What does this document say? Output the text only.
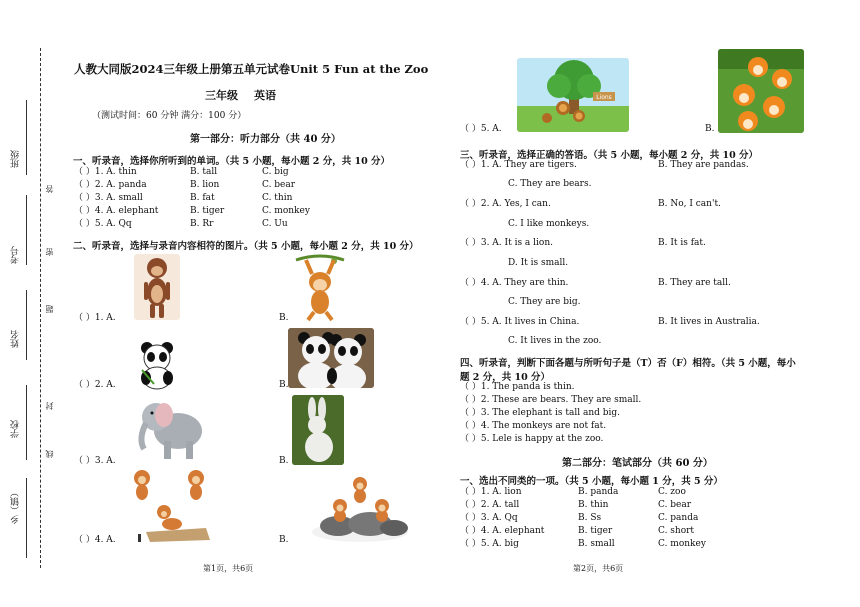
班级
考号
姓名
学校
乡（镇）
答
密
题
封
线
人教大同版2024三年级上册第五单元试卷Unit 5 Fun at the Zoo
三年级 英语
（测试时间：60 分钟 满分：100 分）
第一部分：听力部分（共 40 分）
一、听录音，选择你所听到的单词。（共 5 小题，每小题 2 分，共 10 分）
（ ）1. A. thin	B. tall	C. big
（ ）2. A. panda	B. lion	C. bear
（ ）3. A. small	B. fat	C. thin
（ ）4. A. elephant	B. tiger	C. monkey
（ ）5. A. Qq	B. Rr	C. Uu
二、听录音，选择与录音内容相符的图片。（共 5 小题，每小题 2 分，共 10 分）
（ ）1. A.	B.
（ ）2. A.	B.
（ ）3. A.	B.
（ ）4. A.	B.
第1页，共6页
（ ）5. A.
Lions
B.
三、听录音，选择正确的答语。（共 5 小题，每小题 2 分，共 10 分）
（ ）1. A. They are tigers.	B. They are pandas.
C. They are bears.
（ ）2. A. Yes, I can.	B. No, I can't.
C. I like monkeys.
（ ）3. A. It is a lion.	B. It is fat.
D. It is small.
（ ）4. A. They are thin.	B. They are tall.
C. They are big.
（ ）5. A. It lives in China.	B. It lives in Australia.
C. It lives in the zoo.
四、听录音，判断下面各题与所听句子是（T）否（F）相符。（共 5 小题，每小
题 2 分，共 10 分）
（ ）1. The panda is thin.
（ ）2. These are bears. They are small.
（ ）3. The elephant is tall and big.
（ ）4. The monkeys are not fat.
（ ）5. Lele is happy at the zoo.
第二部分：笔试部分（共 60 分）
一、选出不同类的一项。（共 5 小题，每小题 1 分，共 5 分）
（ ）1. A. lion	B. panda	C. zoo
（ ）2. A. tall	B. thin	C. bear
（ ）3. A. Qq	B. Ss	C. panda
（ ）4. A. elephant	B. tiger	C. short
（ ）5. A. big	B. small	C. monkey
第2页，共6页
